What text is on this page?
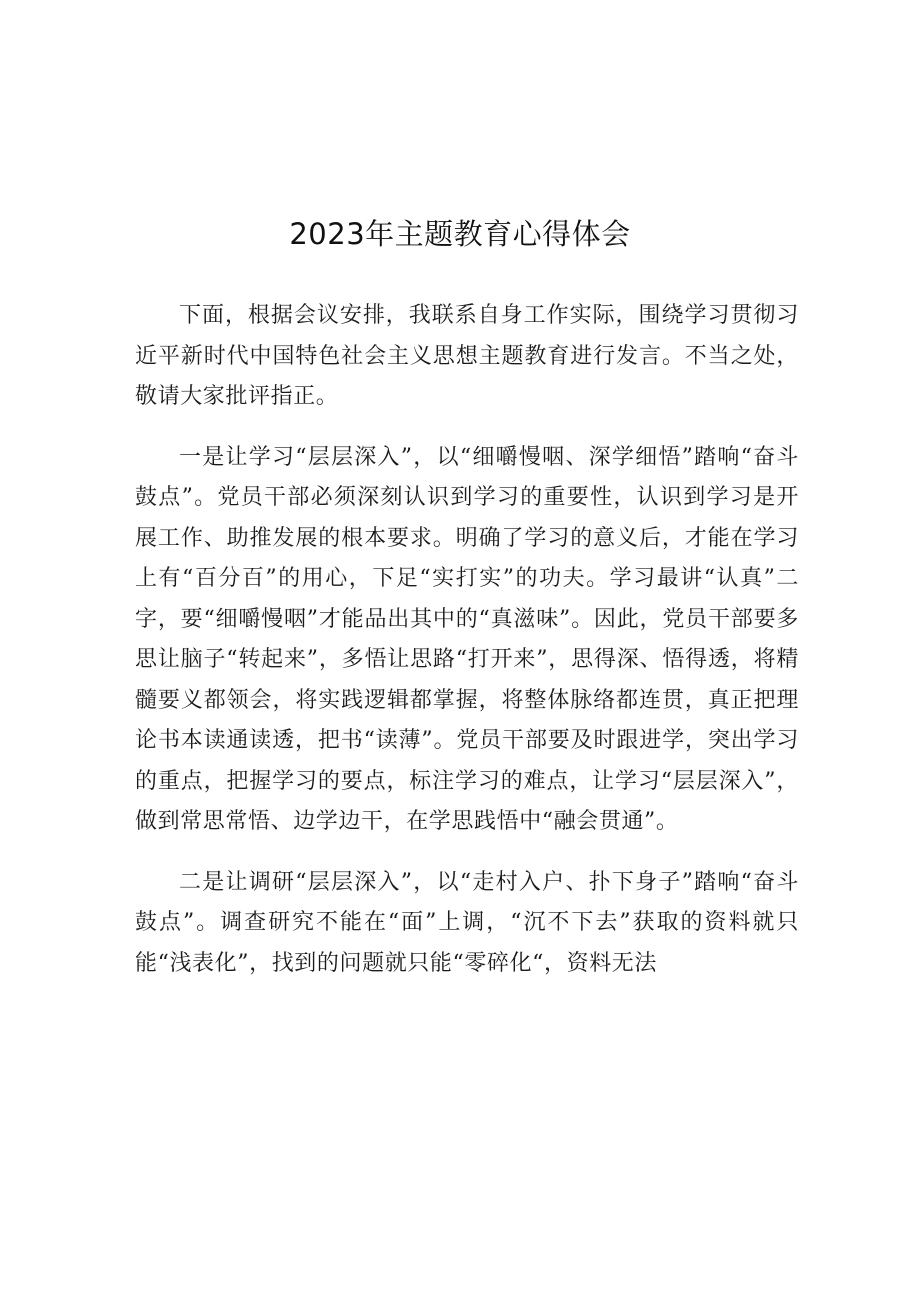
2023年主题教育心得体会

下面，根据会议安排，我联系自身工作实际，围绕学习贯彻习近平新时代中国特色社会主义思想主题教育进行发言。不当之处，敬请大家批评指正。

一是让学习“层层深入”，以“细嚼慢咽、深学细悟”踏响“奋斗鼓点”。党员干部必须深刻认识到学习的重要性，认识到学习是开展工作、助推发展的根本要求。明确了学习的意义后，才能在学习上有“百分百”的用心，下足“实打实”的功夫。学习最讲“认真”二字，要“细嚼慢咽”才能品出其中的“真滋味”。因此，党员干部要多思让脑子“转起来”，多悟让思路“打开来”，思得深、悟得透，将精髓要义都领会，将实践逻辑都掌握，将整体脉络都连贯，真正把理论书本读通读透，把书“读薄”。党员干部要及时跟进学，突出学习的重点，把握学习的要点，标注学习的难点，让学习“层层深入”，做到常思常悟、边学边干，在学思践悟中“融会贯通”。

二是让调研“层层深入”，以“走村入户、扑下身子”踏响“奋斗鼓点”。调查研究不能在“面”上调，“沉不下去”获取的资料就只能“浅表化”，找到的问题就只能“零碎化“，资料无法
